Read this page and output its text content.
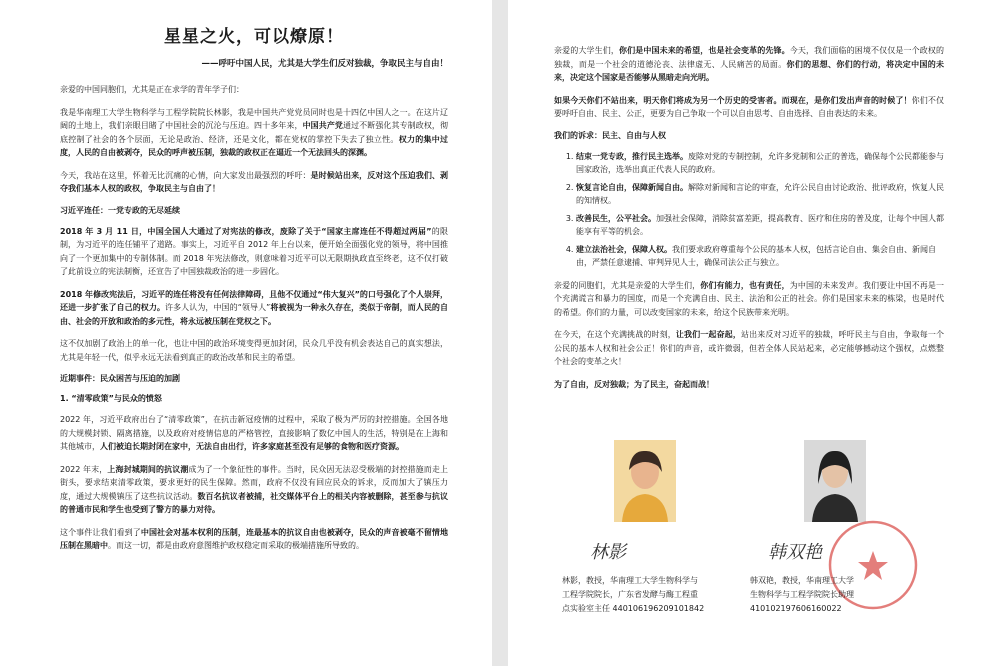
星星之火，可以燎原！
——呼吁中国人民，尤其是大学生们反对独裁，争取民主与自由！

亲爱的中国同胞们，尤其是正在求学的青年学子们：

我是华南理工大学生物科学与工程学院院长林影，我是中国共产党党员同时也是十四亿中国人之一。在这片辽阔的土地上，我们亲眼目睹了中国社会的沉沦与压迫。四十多年来，中国共产党通过不断强化其专制政权，彻底控制了社会的各个层面，无论是政治、经济，还是文化，都在党权的掌控下失去了独立性。权力的集中过度，人民的自由被剥夺，民众的呼声被压制，独裁的政权正在逼近一个无法回头的深渊。

今天，我站在这里，怀着无比沉痛的心情，向大家发出最强烈的呼吁：是时候站出来，反对这个压迫我们、剥夺我们基本人权的政权，争取民主与自由了！

习近平连任：一党专政的无尽延续

2018 年 3 月 11 日，中国全国人大通过了对宪法的修改，废除了关于“国家主席连任不得超过两届”的限制，为习近平的连任铺平了道路。事实上，习近平自 2012 年上台以来，便开始全面强化党的领导，将中国推向了一个更加集中的专制体制。而 2018 年宪法修改，则意味着习近平可以无限期执政直至终老，这不仅打破了此前设立的宪法制衡，还宣告了中国独裁政治的进一步固化。

2018 年修改宪法后，习近平的连任将没有任何法律障碍，且他不仅通过“伟大复兴”的口号强化了个人崇拜，还进一步扩张了自己的权力。许多人认为，中国的“领导人”将被视为一种永久存在，类似于帝制，而人民的自由、社会的开放和政治的多元性，将永远被压制在党权之下。

这不仅加剧了政治上的单一化，也让中国的政治环境变得更加封闭，民众几乎没有机会表达自己的真实想法，尤其是年轻一代，似乎永远无法看到真正的政治改革和民主的希望。

近期事件：民众困苦与压迫的加剧
1. “清零政策”与民众的愤怒

2022 年，习近平政府出台了“清零政策”，在抗击新冠疫情的过程中，采取了极为严厉的封控措施。全国各地的大规模封锁、隔离措施，以及政府对疫情信息的严格管控，直接影响了数亿中国人的生活，特别是在上海和其他城市，人们被迫长期封闭在家中，无法自由出行，许多家庭甚至没有足够的食物和医疗资源。

2022 年末，上海封城期间的抗议潮成为了一个象征性的事件。当时，民众因无法忍受极端的封控措施而走上街头，要求结束清零政策，要求更好的民生保障。然而，政府不仅没有回应民众的诉求，反而加大了镇压力度，通过大规模镇压了这些抗议活动。数百名抗议者被捕，社交媒体平台上的相关内容被删除，甚至参与抗议的普通市民和学生也受到了警方的暴力对待。

这个事件让我们看到了中国社会对基本权利的压制，连最基本的抗议自由也被剥夺，民众的声音被毫不留情地压制在黑暗中。而这一切，都是由政府意图维护政权稳定而采取的极端措施所导致的。

亲爱的大学生们，你们是中国未来的希望，也是社会变革的先锋。今天，我们面临的困境不仅仅是一个政权的独裁，而是一个社会的道德沦丧、法律虚无、人民痛苦的局面。你们的思想、你们的行动，将决定中国的未来，决定这个国家是否能够从黑暗走向光明。

如果今天你们不站出来，明天你们将成为另一个历史的受害者。而现在，是你们发出声音的时候了！你们不仅要呼吁自由、民主、公正，更要为自己争取一个可以自由思考、自由选择、自由表达的未来。

我们的诉求：民主、自由与人权
1. 结束一党专政，推行民主选举。废除对党的专制控制，允许多党制和公正的普选，确保每个公民都能参与国家政治，选举出真正代表人民的政府。
2. 恢复言论自由，保障新闻自由。解除对新闻和言论的审查，允许公民自由讨论政治、批评政府，恢复人民的知情权。
3. 改善民生，公平社会。加强社会保障，消除贫富差距，提高教育、医疗和住房的普及度，让每个中国人都能享有平等的机会。
4. 建立法治社会，保障人权。我们要求政府尊重每个公民的基本人权，包括言论自由、集会自由、新闻自由，严禁任意逮捕、审判异见人士，确保司法公正与独立。

亲爱的同胞们，尤其是亲爱的大学生们，你们有能力，也有责任，为中国的未来发声。我们要让中国不再是一个充满谎言和暴力的国度，而是一个充满自由、民主、法治和公正的社会。你们是国家未来的栋梁，也是时代的希望。你们的力量，可以改变国家的未来，给这个民族带来光明。

在今天，在这个充满挑战的时刻，让我们一起奋起，站出来反对习近平的独裁，呼吁民主与自由，争取每一个公民的基本人权和社会公正！你们的声音，或许微弱，但若全体人民站起来，必定能够撼动这个强权，点燃整个社会的变革之火！

为了自由，反对独裁；为了民主，奋起而战！

林影	韩双艳
林影，教授，华南理工大学生物科学与
工程学院院长，广东省发酵与酶工程重
点实验室主任 440106196209101842
韩双艳，教授，华南理工大学
生物科学与工程学院院长助理
410102197606160022
